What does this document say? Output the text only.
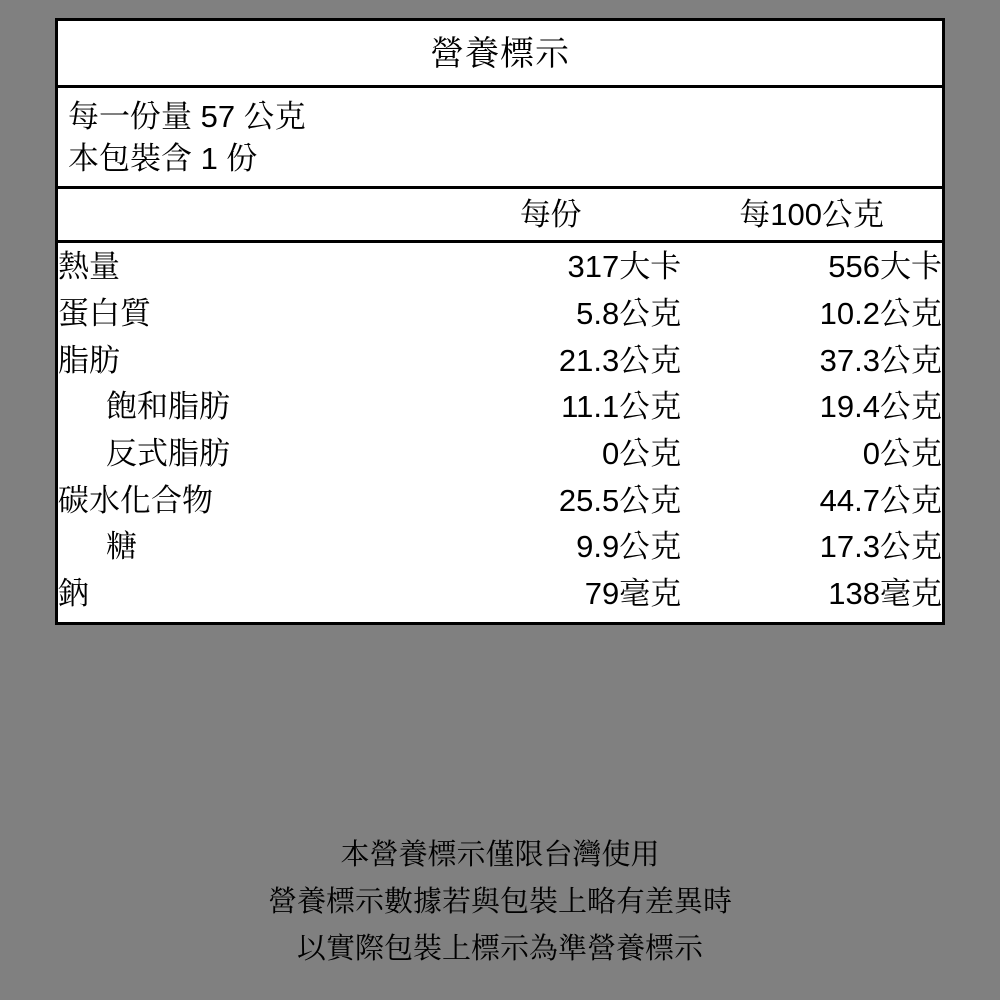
營養標示
每一份量 57 公克
本包裝含 1 份
	每份	每100公克
熱量	317大卡	556大卡
蛋白質	5.8公克	10.2公克
脂肪	21.3公克	37.3公克
飽和脂肪	11.1公克	19.4公克
反式脂肪	0公克	0公克
碳水化合物	25.5公克	44.7公克
糖	9.9公克	17.3公克
鈉	79毫克	138毫克
本營養標示僅限台灣使用
營養標示數據若與包裝上略有差異時
以實際包裝上標示為準營養標示
